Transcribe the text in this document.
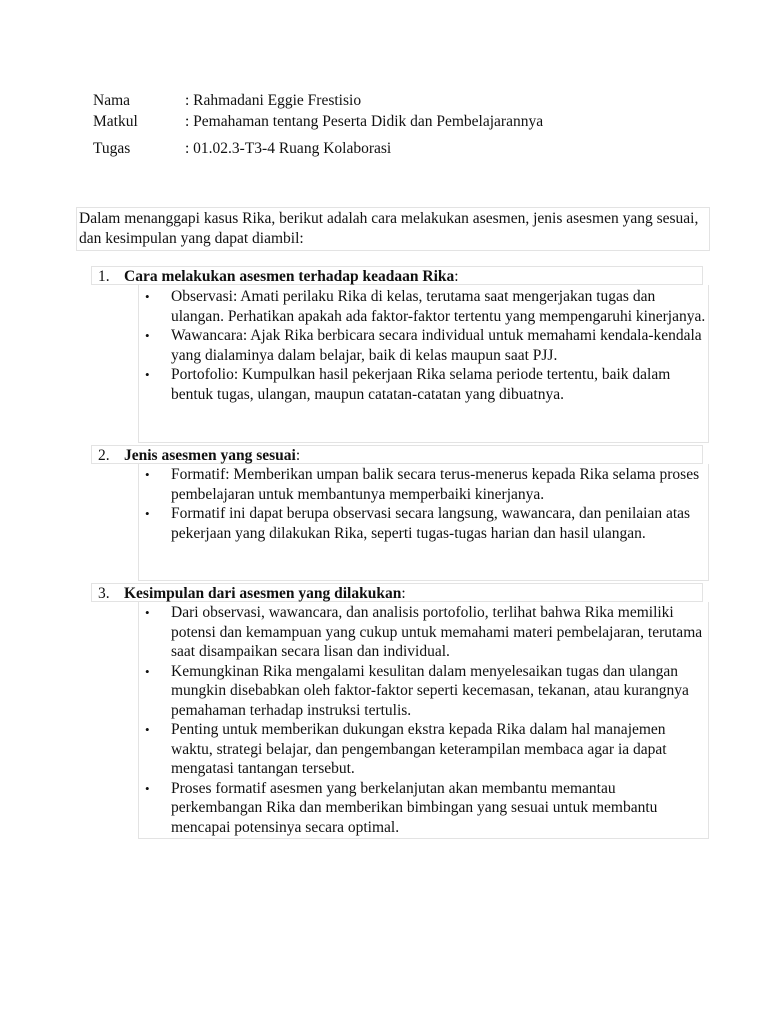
Nama	: Rahmadani Eggie Frestisio
Matkul	: Pemahaman tentang Peserta Didik dan Pembelajarannya
Tugas	: 01.02.3-T3-4 Ruang Kolaborasi
Dalam menanggapi kasus Rika, berikut adalah cara melakukan asesmen, jenis asesmen yang sesuai, dan kesimpulan yang dapat diambil:
1. Cara melakukan asesmen terhadap keadaan Rika:
• Observasi: Amati perilaku Rika di kelas, terutama saat mengerjakan tugas dan ulangan. Perhatikan apakah ada faktor-faktor tertentu yang mempengaruhi kinerjanya.
• Wawancara: Ajak Rika berbicara secara individual untuk memahami kendala-kendala yang dialaminya dalam belajar, baik di kelas maupun saat PJJ.
• Portofolio: Kumpulkan hasil pekerjaan Rika selama periode tertentu, baik dalam bentuk tugas, ulangan, maupun catatan-catatan yang dibuatnya.
2. Jenis asesmen yang sesuai:
• Formatif: Memberikan umpan balik secara terus-menerus kepada Rika selama proses pembelajaran untuk membantunya memperbaiki kinerjanya.
• Formatif ini dapat berupa observasi secara langsung, wawancara, dan penilaian atas pekerjaan yang dilakukan Rika, seperti tugas-tugas harian dan hasil ulangan.
3. Kesimpulan dari asesmen yang dilakukan:
• Dari observasi, wawancara, dan analisis portofolio, terlihat bahwa Rika memiliki potensi dan kemampuan yang cukup untuk memahami materi pembelajaran, terutama saat disampaikan secara lisan dan individual.
• Kemungkinan Rika mengalami kesulitan dalam menyelesaikan tugas dan ulangan mungkin disebabkan oleh faktor-faktor seperti kecemasan, tekanan, atau kurangnya pemahaman terhadap instruksi tertulis.
• Penting untuk memberikan dukungan ekstra kepada Rika dalam hal manajemen waktu, strategi belajar, dan pengembangan keterampilan membaca agar ia dapat mengatasi tantangan tersebut.
• Proses formatif asesmen yang berkelanjutan akan membantu memantau perkembangan Rika dan memberikan bimbingan yang sesuai untuk membantu mencapai potensinya secara optimal.
